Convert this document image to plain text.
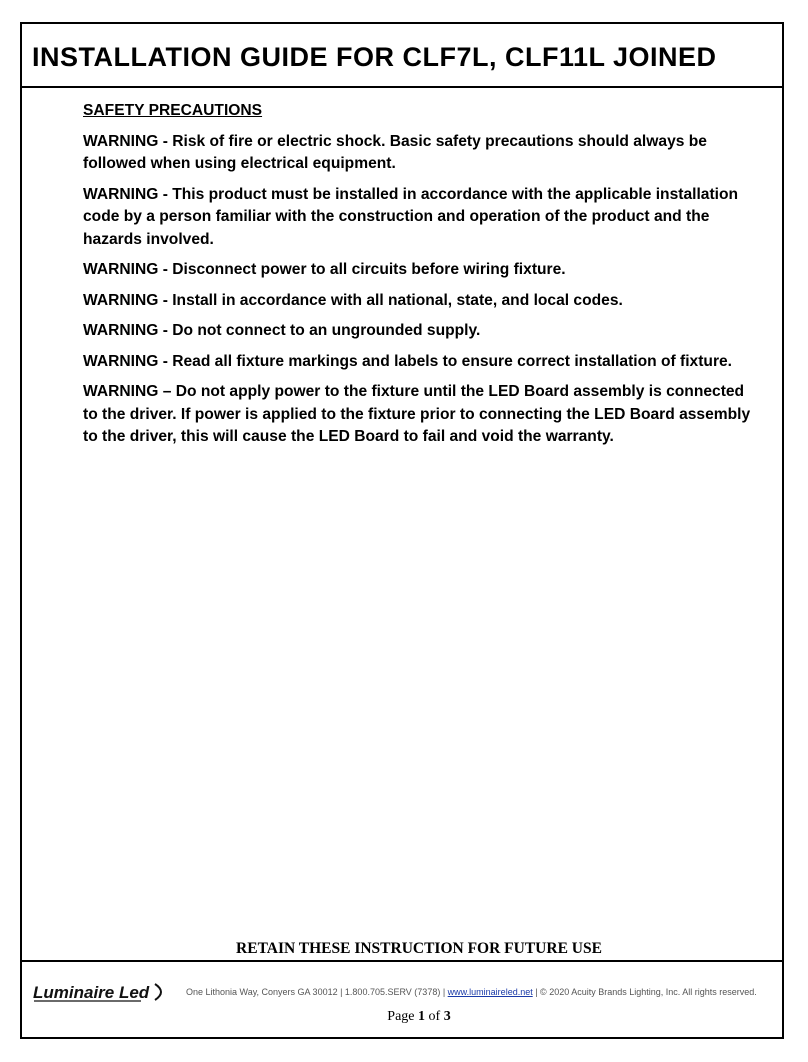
INSTALLATION GUIDE FOR CLF7L, CLF11L JOINED

SAFETY PRECAUTIONS

WARNING - Risk of fire or electric shock. Basic safety precautions should always be followed when using electrical equipment.

WARNING - This product must be installed in accordance with the applicable installation code by a person familiar with the construction and operation of the product and the hazards involved.

WARNING - Disconnect power to all circuits before wiring fixture.

WARNING - Install in accordance with all national, state, and local codes.

WARNING - Do not connect to an ungrounded supply.

WARNING - Read all fixture markings and labels to ensure correct installation of fixture.

WARNING – Do not apply power to the fixture until the LED Board assembly is connected to the driver. If power is applied to the fixture prior to connecting the LED Board assembly to the driver, this will cause the LED Board to fail and void the warranty.

RETAIN THESE INSTRUCTION FOR FUTURE USE
Luminaire Led	One Lithonia Way, Conyers GA 30012 | 1.800.705.SERV (7378) | www.luminaireled.net | © 2020 Acuity Brands Lighting, Inc. All rights reserved.
Page 1 of 3
